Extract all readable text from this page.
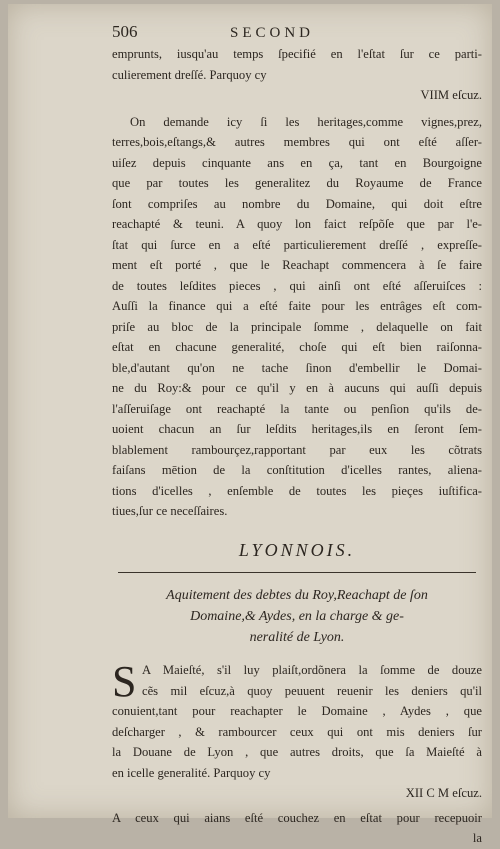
506	SECOND
emprunts, iusqu'au temps ſpecifié en l'eſtat ſur ce parti-
culierement dreſſé. Parquoy cy
VIIM eſcuz.
On demande icy ſi les heritages,comme vignes,prez,
terres,bois,eſtangs,& autres membres qui ont eſté aſſer-
uiſez depuis cinquante ans en ça, tant en Bourgoigne
que par toutes les generalitez du Royaume de France
ſont compriſes au nombre du Domaine, qui doit eſtre
reachapté & teuni. A quoy lon faict reſpõſe que par l'e-
ſtat qui ſurce en a eſté particulierement dreſſé , expreſſe-
ment eſt porté , que le Reachapt commencera à ſe faire
de toutes leſdites pieces , qui ainſi ont eſté aſſeruiſces :
Auſſi la finance qui a eſté faite pour les entrâges eſt com-
priſe au bloc de la principale ſomme , delaquelle on fait
eſtat en chacune generalité, choſe qui eſt bien raiſonna-
ble,d'autant qu'on ne tache ſinon d'embellir le Domai-
ne du Roy:& pour ce qu'il y en à aucuns qui auſſi depuis
l'aſſeruiſage ont reachapté la tante ou penſion qu'ils de-
uoient chacun an ſur leſdits heritages,ils en ſeront ſem-
blablement rambourçez,rapportant par eux les cõtrats
faiſans mētion de la conſtitution d'icelles rantes, aliena-
tions d'icelles , enſemble de toutes les pieçes iuſtifica-
tiues,ſur ce neceſſaires.
LYONNOIS.
Aquitement des debtes du Roy,Reachapt de ſon
Domaine,& Aydes, en la charge & ge-
neralité de Lyon.
S A Maieſté, s'il luy plaiſt,ordõnera la ſomme de douze
cẽs mil eſcuz,à quoy peuuent reuenir les deniers qu'il
conuient,tant pour reachapter le Domaine , Aydes , que
deſcharger , & rambourcer ceux qui ont mis deniers ſur
la Douane de Lyon , que autres droits, que ſa Maieſté à
en icelle generalité. Parquoy cy
XII C M eſcuz.
A ceux qui aians eſté couchez en eſtat pour recepuoir
la
